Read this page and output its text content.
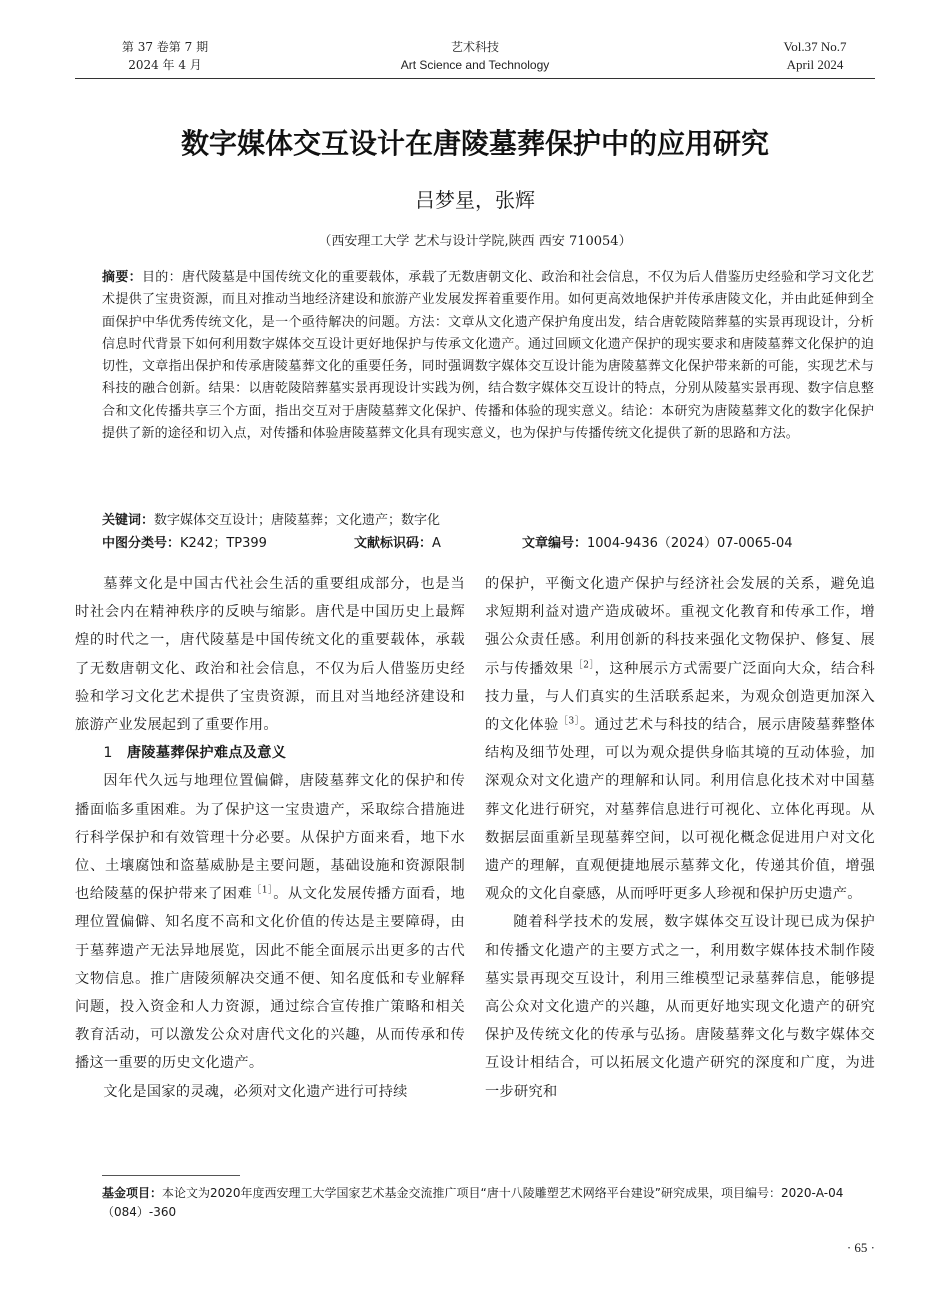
第 37 卷第 7 期
2024 年 4 月
艺术科技
Art Science and Technology
Vol.37 No.7
April 2024
数字媒体交互设计在唐陵墓葬保护中的应用研究
吕梦星，张辉
（西安理工大学 艺术与设计学院,陕西 西安 710054）

摘要：目的：唐代陵墓是中国传统文化的重要载体，承载了无数唐朝文化、政治和社会信息，不仅为后人借鉴历史经验和学习文化艺术提供了宝贵资源，而且对推动当地经济建设和旅游产业发展发挥着重要作用。如何更高效地保护并传承唐陵文化，并由此延伸到全面保护中华优秀传统文化，是一个亟待解决的问题。方法：文章从文化遗产保护角度出发，结合唐乾陵陪葬墓的实景再现设计，分析信息时代背景下如何利用数字媒体交互设计更好地保护与传承文化遗产。通过回顾文化遗产保护的现实要求和唐陵墓葬文化保护的迫切性，文章指出保护和传承唐陵墓葬文化的重要任务，同时强调数字媒体交互设计能为唐陵墓葬文化保护带来新的可能，实现艺术与科技的融合创新。结果：以唐乾陵陪葬墓实景再现设计实践为例，结合数字媒体交互设计的特点，分别从陵墓实景再现、数字信息整合和文化传播共享三个方面，指出交互对于唐陵墓葬文化保护、传播和体验的现实意义。结论：本研究为唐陵墓葬文化的数字化保护提供了新的途径和切入点，对传播和体验唐陵墓葬文化具有现实意义，也为保护与传播传统文化提供了新的思路和方法。

关键词：数字媒体交互设计；唐陵墓葬；文化遗产；数字化
中图分类号：K242；TP399	文献标识码：A	文章编号：1004-9436（2024）07-0065-04

墓葬文化是中国古代社会生活的重要组成部分，也是当时社会内在精神秩序的反映与缩影。唐代是中国历史上最辉煌的时代之一，唐代陵墓是中国传统文化的重要载体，承载了无数唐朝文化、政治和社会信息，不仅为后人借鉴历史经验和学习文化艺术提供了宝贵资源，而且对当地经济建设和旅游产业发展起到了重要作用。

1 唐陵墓葬保护难点及意义

因年代久远与地理位置偏僻，唐陵墓葬文化的保护和传播面临多重困难。为了保护这一宝贵遗产，采取综合措施进行科学保护和有效管理十分必要。从保护方面来看，地下水位、土壤腐蚀和盗墓威胁是主要问题，基础设施和资源限制也给陵墓的保护带来了困难$^{[1]}$。从文化发展传播方面看，地理位置偏僻、知名度不高和文化价值的传达是主要障碍，由于墓葬遗产无法异地展览，因此不能全面展示出更多的古代文物信息。推广唐陵须解决交通不便、知名度低和专业解释问题，投入资金和人力资源，通过综合宣传推广策略和相关教育活动，可以激发公众对唐代文化的兴趣，从而传承和传播这一重要的历史文化遗产。

文化是国家的灵魂，必须对文化遗产进行可持续

的保护，平衡文化遗产保护与经济社会发展的关系，避免追求短期利益对遗产造成破坏。重视文化教育和传承工作，增强公众责任感。利用创新的科技来强化文物保护、修复、展示与传播效果$^{[2]}$，这种展示方式需要广泛面向大众，结合科技力量，与人们真实的生活联系起来，为观众创造更加深入的文化体验$^{[3]}$。通过艺术与科技的结合，展示唐陵墓葬整体结构及细节处理，可以为观众提供身临其境的互动体验，加深观众对文化遗产的理解和认同。利用信息化技术对中国墓葬文化进行研究，对墓葬信息进行可视化、立体化再现。从数据层面重新呈现墓葬空间，以可视化概念促进用户对文化遗产的理解，直观便捷地展示墓葬文化，传递其价值，增强观众的文化自豪感，从而呼吁更多人珍视和保护历史遗产。

随着科学技术的发展，数字媒体交互设计现已成为保护和传播文化遗产的主要方式之一，利用数字媒体技术制作陵墓实景再现交互设计，利用三维模型记录墓葬信息，能够提高公众对文化遗产的兴趣，从而更好地实现文化遗产的研究保护及传统文化的传承与弘扬。唐陵墓葬文化与数字媒体交互设计相结合，可以拓展文化遗产研究的深度和广度，为进一步研究和

基金项目：本论文为2020年度西安理工大学国家艺术基金交流推广项目“唐十八陵雕塑艺术网络平台建设”研究成果，项目编号：2020-A-04（084）-360
· 65 ·
